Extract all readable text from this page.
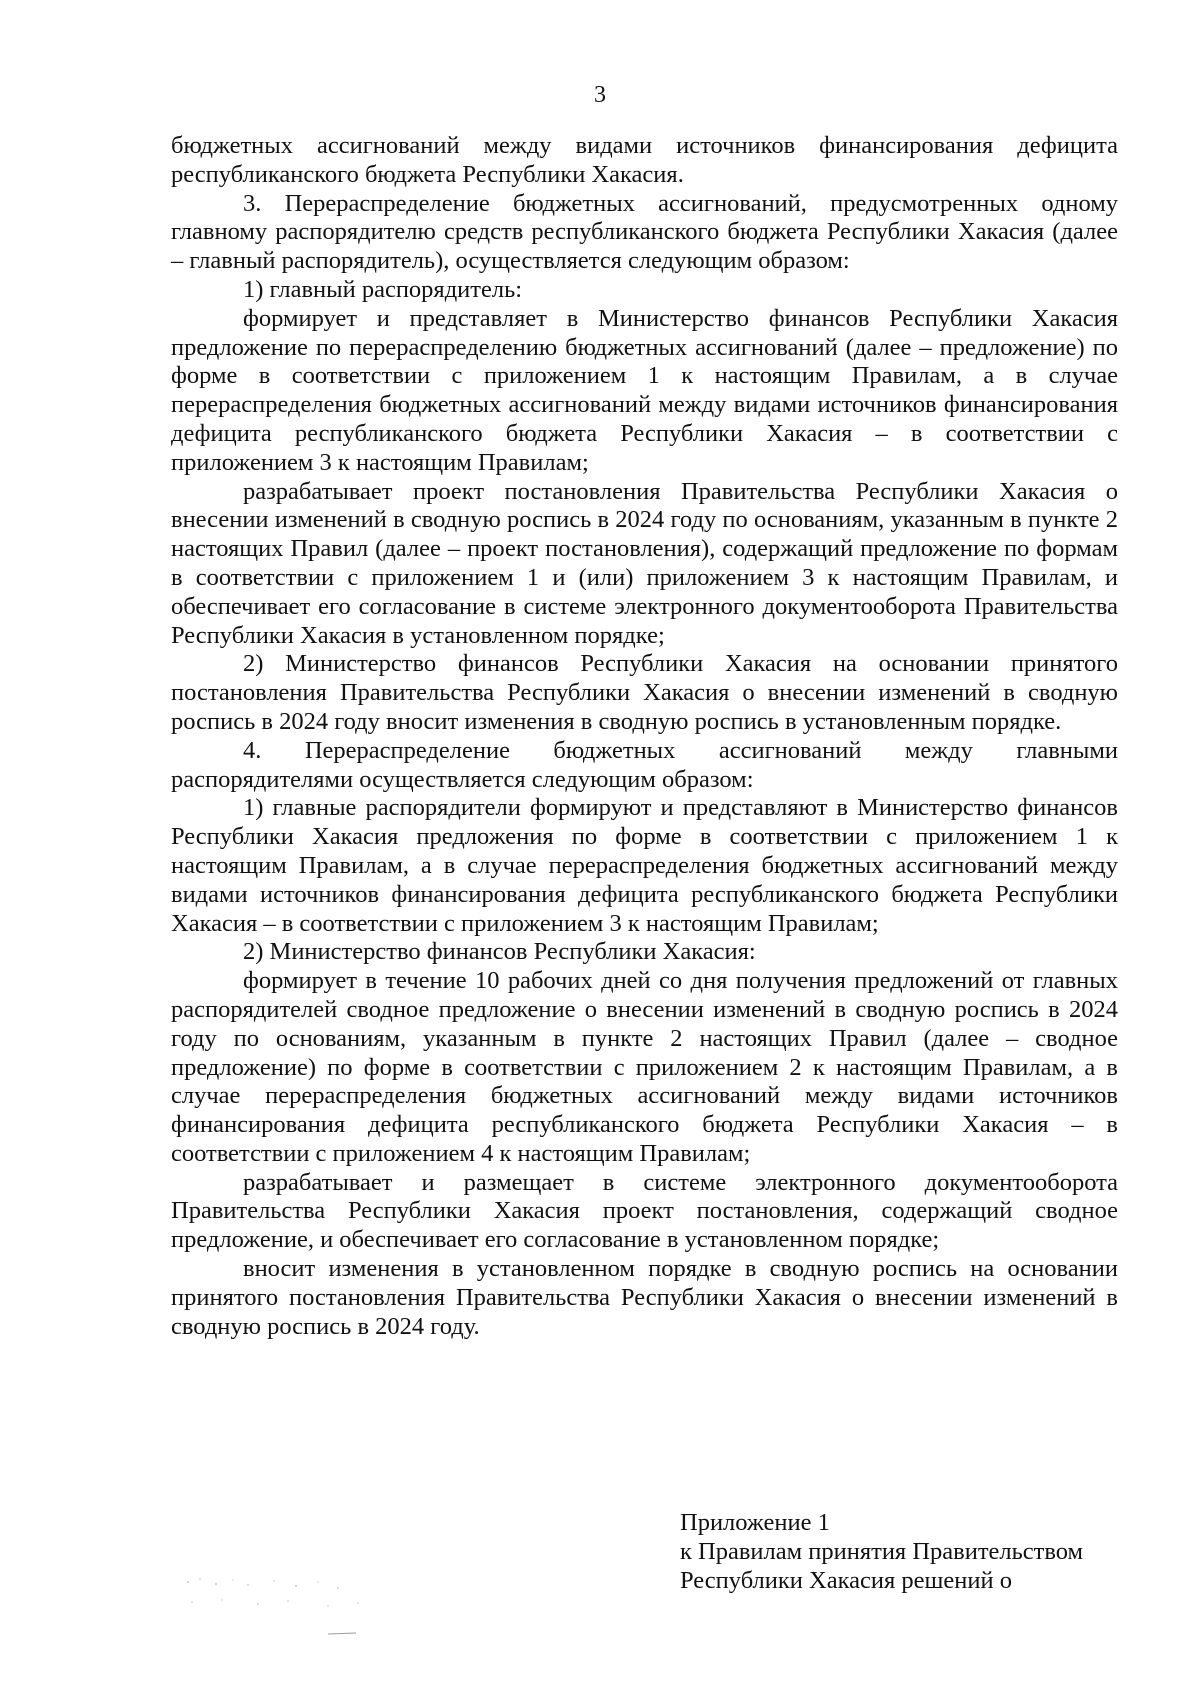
3

бюджетных ассигнований между видами источников финансирования дефицита республиканского бюджета Республики Хакасия.

3. Перераспределение бюджетных ассигнований, предусмотренных одному главному распорядителю средств республиканского бюджета Республики Хакасия (далее – главный распорядитель), осуществляется следующим образом:

1) главный распорядитель:

формирует и представляет в Министерство финансов Республики Хакасия предложение по перераспределению бюджетных ассигнований (далее – предложение) по форме в соответствии с приложением 1 к настоящим Правилам, а в случае перераспределения бюджетных ассигнований между видами источников финансирования дефицита республиканского бюджета Республики Хакасия – в соответствии с приложением 3 к настоящим Правилам;

разрабатывает проект постановления Правительства Республики Хакасия о внесении изменений в сводную роспись в 2024 году по основаниям, указанным в пункте 2 настоящих Правил (далее – проект постановления), содержащий предложение по формам в соответствии с приложением 1 и (или) приложением 3 к настоящим Правилам, и обеспечивает его согласование в системе электронного документооборота Правительства Республики Хакасия в установленном порядке;

2) Министерство финансов Республики Хакасия на основании принятого постановления Правительства Республики Хакасия о внесении изменений в сводную роспись в 2024 году вносит изменения в сводную роспись в установленным порядке.

4. Перераспределение бюджетных ассигнований между главными распорядителями осуществляется следующим образом:

1) главные распорядители формируют и представляют в Министерство финансов Республики Хакасия предложения по форме в соответствии с приложением 1 к настоящим Правилам, а в случае перераспределения бюджетных ассигнований между видами источников финансирования дефицита республиканского бюджета Республики Хакасия – в соответствии с приложением 3 к настоящим Правилам;

2) Министерство финансов Республики Хакасия:

формирует в течение 10 рабочих дней со дня получения предложений от главных распорядителей сводное предложение о внесении изменений в сводную роспись в 2024 году по основаниям, указанным в пункте 2 настоящих Правил (далее – сводное предложение) по форме в соответствии с приложением 2 к настоящим Правилам, а в случае перераспределения бюджетных ассигнований между видами источников финансирования дефицита республиканского бюджета Республики Хакасия – в соответствии с приложением 4 к настоящим Правилам;

разрабатывает и размещает в системе электронного документооборота Правительства Республики Хакасия проект постановления, содержащий сводное предложение, и обеспечивает его согласование в установленном порядке;

вносит изменения в установленном порядке в сводную роспись на основании принятого постановления Правительства Республики Хакасия о внесении изменений в сводную роспись в 2024 году.

Приложение 1
к Правилам принятия Правительством
Республики Хакасия решений о
